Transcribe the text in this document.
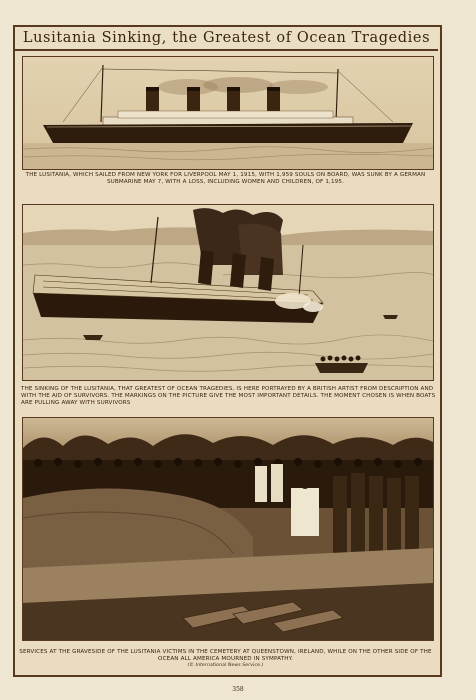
Lusitania Sinking, the Greatest of Ocean Tragedies
THE LUSITANIA, WHICH SAILED FROM NEW YORK FOR LIVERPOOL MAY 1, 1915, WITH 1,959 SOULS ON BOARD, WAS SUNK BY A GERMAN SUBMARINE MAY 7, WITH A LOSS, INCLUDING WOMEN AND CHILDREN, OF 1,195.
THE SINKING OF THE LUSITANIA, THAT GREATEST OF OCEAN TRAGEDIES, IS HERE PORTRAYED BY A BRITISH ARTIST FROM DESCRIPTION AND WITH THE AID OF SURVIVORS. THE MARKINGS ON THE PICTURE GIVE THE MOST IMPORTANT DETAILS. THE MOMENT CHOSEN IS WHEN BOATS ARE PULLING AWAY WITH SURVIVORS
SERVICES AT THE GRAVESIDE OF THE LUSITANIA VICTIMS IN THE CEMETERY AT QUEENSTOWN, IRELAND, WHILE ON THE OTHER SIDE OF THE OCEAN ALL AMERICA MOURNED IN SYMPATHY.
(© International News Service.)
358
